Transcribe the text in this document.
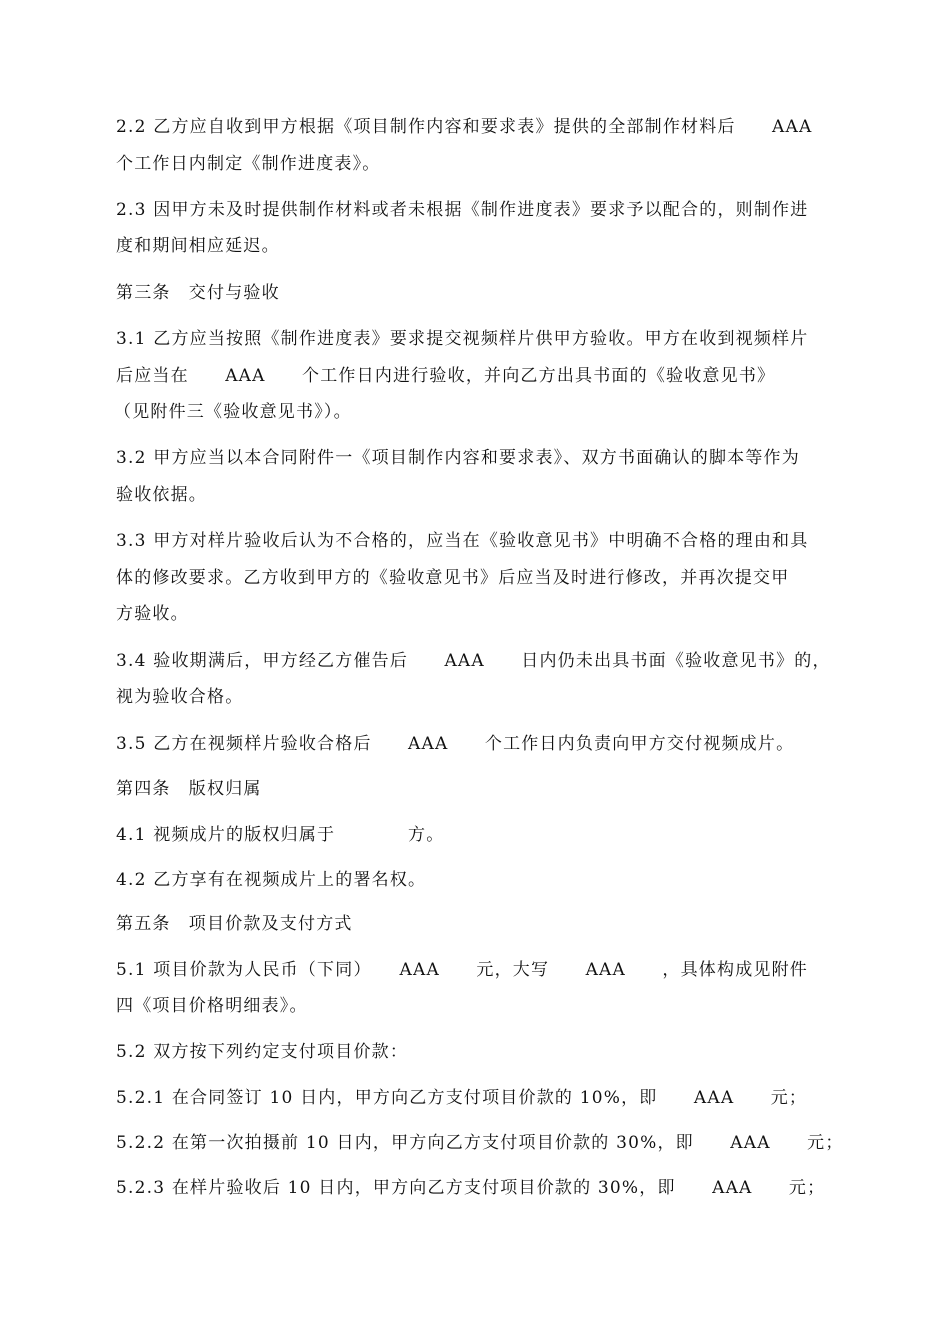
2.2 乙方应自收到甲方根据《项目制作内容和要求表》提供的全部制作材料后　　AAA
个工作日内制定《制作进度表》。
2.3 因甲方未及时提供制作材料或者未根据《制作进度表》要求予以配合的，则制作进
度和期间相应延迟。
第三条　交付与验收
3.1 乙方应当按照《制作进度表》要求提交视频样片供甲方验收。甲方在收到视频样片
后应当在　　AAA　　个工作日内进行验收，并向乙方出具书面的《验收意见书》
（见附件三《验收意见书》）。
3.2 甲方应当以本合同附件一《项目制作内容和要求表》、双方书面确认的脚本等作为
验收依据。
3.3 甲方对样片验收后认为不合格的，应当在《验收意见书》中明确不合格的理由和具
体的修改要求。乙方收到甲方的《验收意见书》后应当及时进行修改，并再次提交甲
方验收。
3.4 验收期满后，甲方经乙方催告后　　AAA　　日内仍未出具书面《验收意见书》的，
视为验收合格。
3.5 乙方在视频样片验收合格后　　AAA　　个工作日内负责向甲方交付视频成片。
第四条　版权归属
4.1 视频成片的版权归属于　　　　方。
4.2 乙方享有在视频成片上的署名权。
第五条　项目价款及支付方式
5.1 项目价款为人民币（下同）　　AAA　　元，大写　　AAA　　，具体构成见附件
四《项目价格明细表》。
5.2 双方按下列约定支付项目价款：
5.2.1 在合同签订 10 日内，甲方向乙方支付项目价款的 10%，即　　AAA　　元；
5.2.2 在第一次拍摄前 10 日内，甲方向乙方支付项目价款的 30%，即　　AAA　　元；
5.2.3 在样片验收后 10 日内，甲方向乙方支付项目价款的 30%，即　　AAA　　元；
